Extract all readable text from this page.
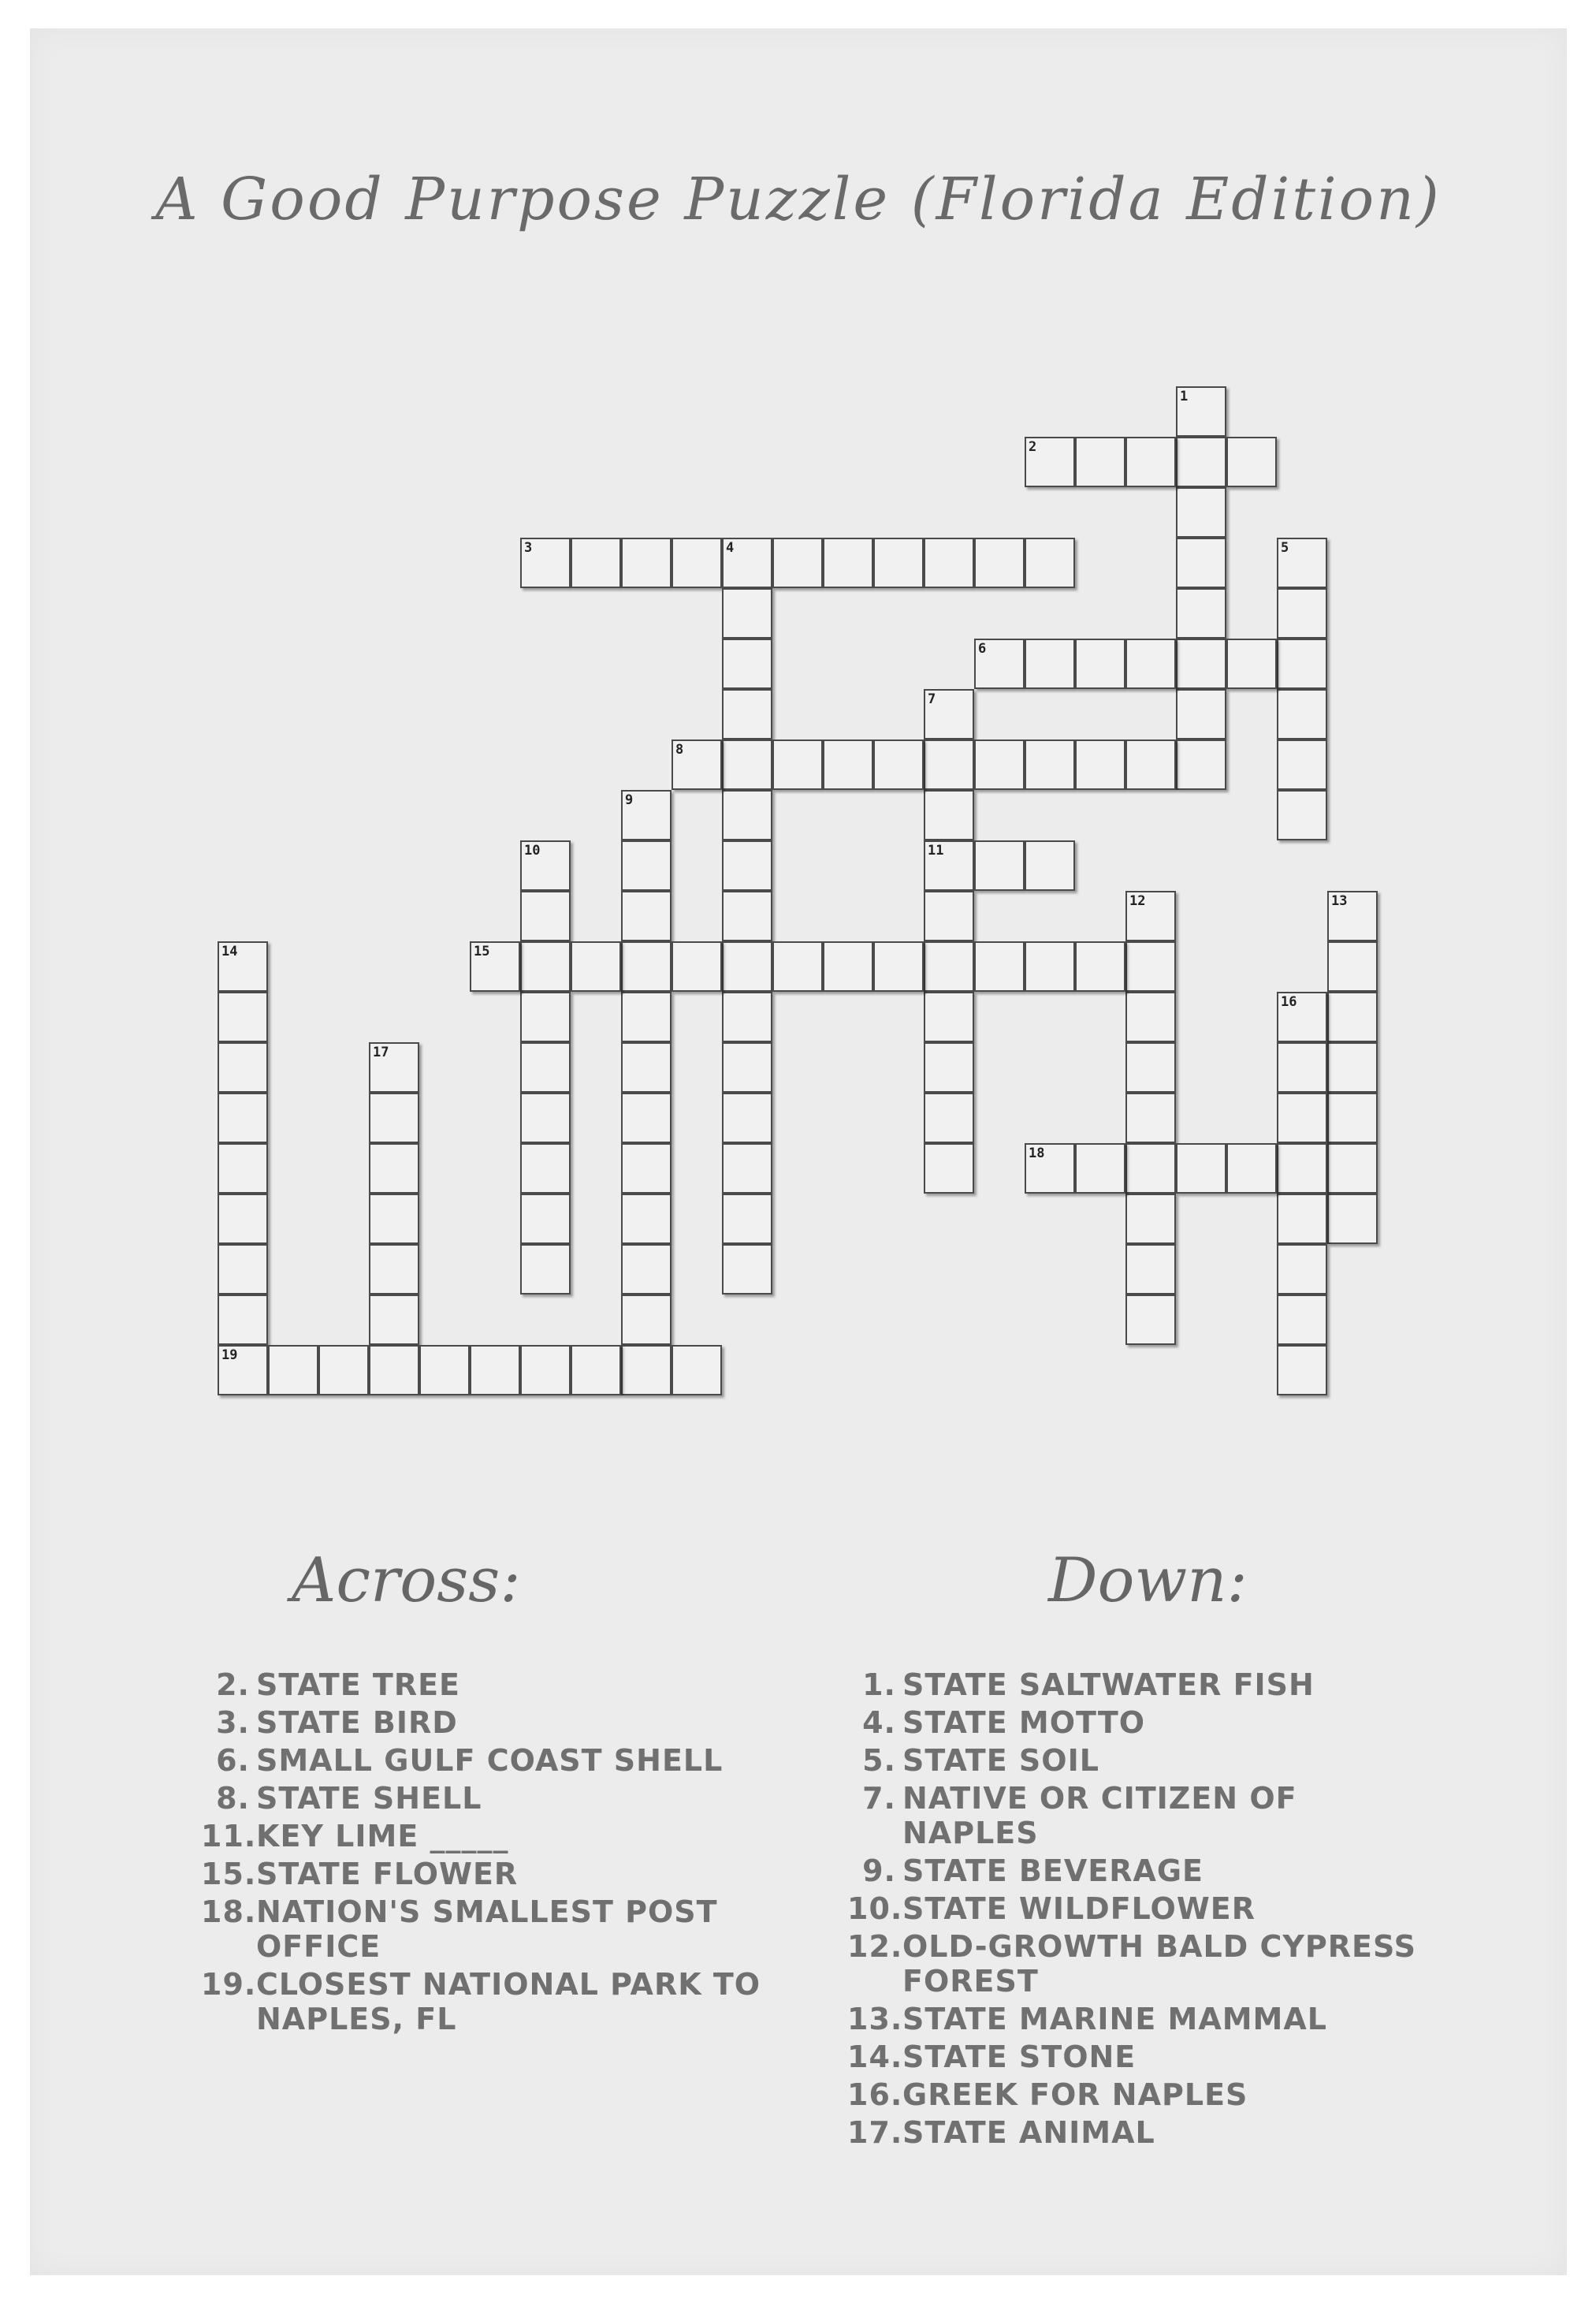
A Good Purpose Puzzle (Florida Edition)
1
2
3	4	5
6
7
11
8
9
10
12	13
14
19
15
16
17
18
Across:	Down:
2. STATE TREE
3. STATE BIRD
6. SMALL GULF COAST SHELL
8. STATE SHELL
11. KEY LIME _____
15. STATE FLOWER
18. NATION'S SMALLEST POST OFFICE
19. CLOSEST NATIONAL PARK TO NAPLES, FL
1. STATE SALTWATER FISH
4. STATE MOTTO
5. STATE SOIL
7. NATIVE OR CITIZEN OF NAPLES
9. STATE BEVERAGE
10. STATE WILDFLOWER
12. OLD-GROWTH BALD CYPRESS FOREST
13. STATE MARINE MAMMAL
14. STATE STONE
16. GREEK FOR NAPLES
17. STATE ANIMAL
